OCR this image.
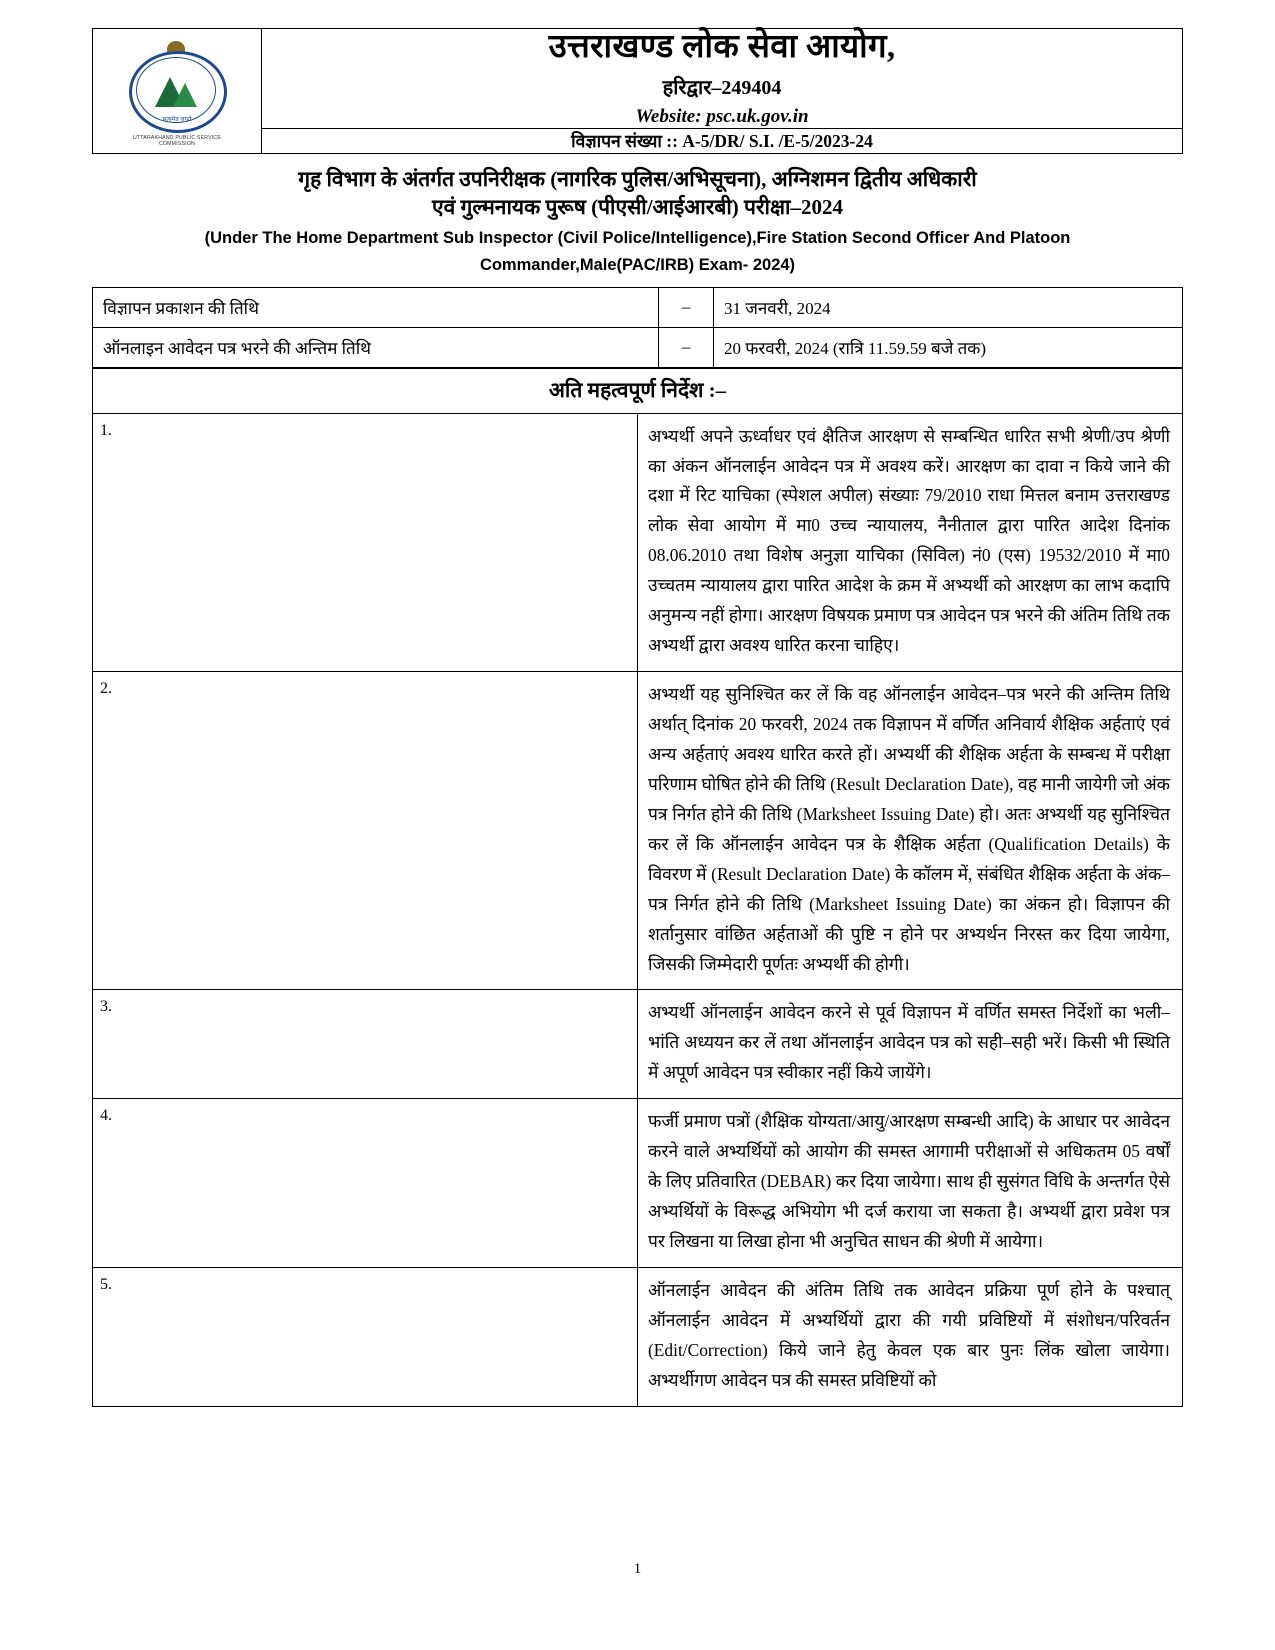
सत्यमेव जयते
UTTARAKHAND PUBLIC SERVICE COMMISSION

उत्तराखण्ड लोक सेवा आयोग,
हरिद्वार–249404
Website: psc.uk.gov.in

विज्ञापन संख्या :: A-5/DR/ S.I. /E-5/2023-24
गृह विभाग के अंतर्गत उपनिरीक्षक (नागरिक पुलिस/अभिसूचना), अग्निशमन द्वितीय अधिकारी
एवं गुल्मनायक पुरूष (पीएसी/आईआरबी) परीक्षा–2024
(Under The Home Department Sub Inspector (Civil Police/Intelligence),Fire Station Second Officer And Platoon
Commander,Male(PAC/IRB) Exam- 2024)
विज्ञापन प्रकाशन की तिथि	–	31 जनवरी, 2024
ऑनलाइन आवेदन पत्र भरने की अन्तिम तिथि	–	20 फरवरी, 2024 (रात्रि 11.59.59 बजे तक)
अति महत्वपूर्ण निर्देश :–	
1.	अभ्यर्थी अपने ऊर्ध्वाधर एवं क्षैतिज आरक्षण से सम्बन्धित धारित सभी श्रेणी/उप श्रेणी का अंकन ऑनलाईन आवेदन पत्र में अवश्य करें। आरक्षण का दावा न किये जाने की दशा में रिट याचिका (स्पेशल अपील) संख्याः 79/2010 राधा मित्तल बनाम उत्तराखण्ड लोक सेवा आयोग में मा0 उच्च न्यायालय, नैनीताल द्वारा पारित आदेश दिनांक 08.06.2010 तथा विशेष अनुज्ञा याचिका (सिविल) नं0 (एस) 19532/2010 में मा0 उच्चतम न्यायालय द्वारा पारित आदेश के क्रम में अभ्यर्थी को आरक्षण का लाभ कदापि अनुमन्य नहीं होगा। आरक्षण विषयक प्रमाण पत्र आवेदन पत्र भरने की अंतिम तिथि तक अभ्यर्थी द्वारा अवश्य धारित करना चाहिए।
2.	अभ्यर्थी यह सुनिश्चित कर लें कि वह ऑनलाईन आवेदन–पत्र भरने की अन्तिम तिथि अर्थात् दिनांक 20 फरवरी, 2024 तक विज्ञापन में वर्णित अनिवार्य शैक्षिक अर्हताएं एवं अन्य अर्हताएं अवश्य धारित करते हों। अभ्यर्थी की शैक्षिक अर्हता के सम्बन्ध में परीक्षा परिणाम घोषित होने की तिथि (Result Declaration Date), वह मानी जायेगी जो अंक पत्र निर्गत होने की तिथि (Marksheet Issuing Date) हो। अतः अभ्यर्थी यह सुनिश्चित कर लें कि ऑनलाईन आवेदन पत्र के शैक्षिक अर्हता (Qualification Details) के विवरण में (Result Declaration Date) के कॉलम में, संबंधित शैक्षिक अर्हता के अंक–पत्र निर्गत होने की तिथि (Marksheet Issuing Date) का अंकन हो। विज्ञापन की शर्तानुसार वांछित अर्हताओं की पुष्टि न होने पर अभ्यर्थन निरस्त कर दिया जायेगा, जिसकी जिम्मेदारी पूर्णतः अभ्यर्थी की होगी।
3.	अभ्यर्थी ऑनलाईन आवेदन करने से पूर्व विज्ञापन में वर्णित समस्त निर्देशों का भली–भांति अध्ययन कर लें तथा ऑनलाईन आवेदन पत्र को सही–सही भरें। किसी भी स्थिति में अपूर्ण आवेदन पत्र स्वीकार नहीं किये जायेंगे।
4.	फर्जी प्रमाण पत्रों (शैक्षिक योग्यता/आयु/आरक्षण सम्बन्धी आदि) के आधार पर आवेदन करने वाले अभ्यर्थियों को आयोग की समस्त आगामी परीक्षाओं से अधिकतम 05 वर्षों के लिए प्रतिवारित (DEBAR) कर दिया जायेगा। साथ ही सुसंगत विधि के अन्तर्गत ऐसे अभ्यर्थियों के विरूद्ध अभियोग भी दर्ज कराया जा सकता है। अभ्यर्थी द्वारा प्रवेश पत्र पर लिखना या लिखा होना भी अनुचित साधन की श्रेणी में आयेगा।
5.	ऑनलाईन आवेदन की अंतिम तिथि तक आवेदन प्रक्रिया पूर्ण होने के पश्चात् ऑनलाईन आवेदन में अभ्यर्थियों द्वारा की गयी प्रविष्टियों में संशोधन/परिवर्तन (Edit/Correction) किये जाने हेतु केवल एक बार पुनः लिंक खोला जायेगा। अभ्यर्थीगण आवेदन पत्र की समस्त प्रविष्टियों को
1
